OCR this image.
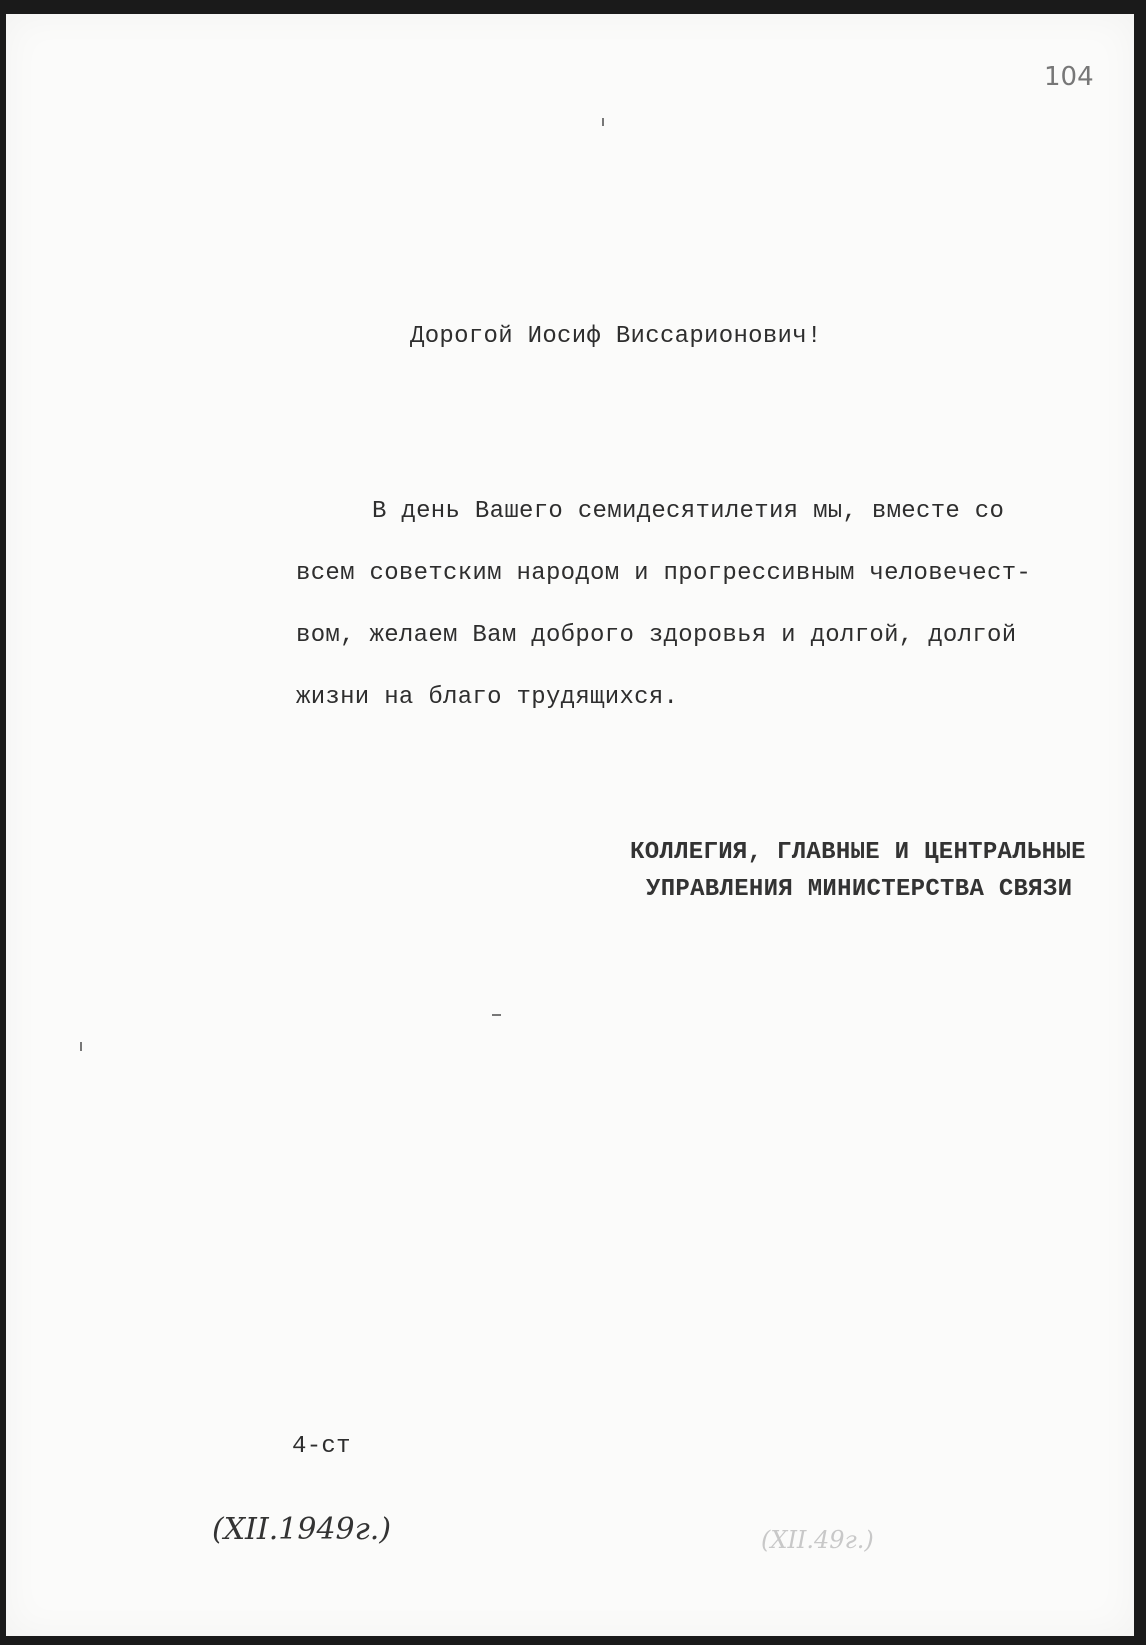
104
Дорогой Иосиф Виссарионович!
В день Вашего семидесятилетия мы, вместе со
всем советским народом и прогрессивным человечест-
вом, желаем Вам доброго здоровья и долгой, долгой
жизни на благо трудящихся.
КОЛЛЕГИЯ, ГЛАВНЫЕ И ЦЕНТРАЛЬНЫЕ
УПРАВЛЕНИЯ МИНИСТЕРСТВА СВЯЗИ
4-ст
(XII.1949г.)	(XII.49г.)
